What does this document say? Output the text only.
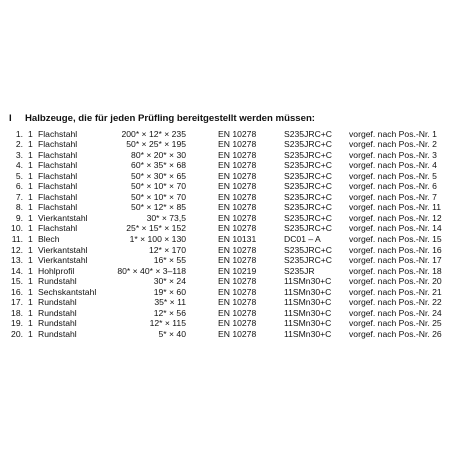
I Halbzeuge, die für jeden Prüfling bereitgestellt werden müssen:
1. 1 Flachstahl	200* × 12* × 235	EN 10278	S235JRC+C vorgef. nach Pos.-Nr. 1
2. 1 Flachstahl	50* × 25* × 195	EN 10278	S235JRC+C vorgef. nach Pos.-Nr. 2
3. 1 Flachstahl	80* × 20* × 30	EN 10278	S235JRC+C vorgef. nach Pos.-Nr. 3
4. 1 Flachstahl	60* × 35* × 68	EN 10278	S235JRC+C vorgef. nach Pos.-Nr. 4
5. 1 Flachstahl	50* × 30* × 65	EN 10278	S235JRC+C vorgef. nach Pos.-Nr. 5
6. 1 Flachstahl	50* × 10* × 70	EN 10278	S235JRC+C vorgef. nach Pos.-Nr. 6
7. 1 Flachstahl	50* × 10* × 70	EN 10278	S235JRC+C vorgef. nach Pos.-Nr. 7
8. 1 Flachstahl	50* × 12* × 85	EN 10278	S235JRC+C vorgef. nach Pos.-Nr. 11
9. 1 Vierkantstahl	30* × 73,5	EN 10278	S235JRC+C vorgef. nach Pos.-Nr. 12
10. 1 Flachstahl	25* × 15* × 152	EN 10278	S235JRC+C vorgef. nach Pos.-Nr. 14
11. 1 Blech	1* × 100 × 130	EN 10131	DC01 – A	vorgef. nach Pos.-Nr. 15
12. 1 Vierkantstahl	12* × 170	EN 10278	S235JRC+C vorgef. nach Pos.-Nr. 16
13. 1 Vierkantstahl	16* × 55	EN 10278	S235JRC+C vorgef. nach Pos.-Nr. 17
14. 1 Hohlprofil	80* × 40* × 3–118	EN 10219	S235JR	vorgef. nach Pos.-Nr. 18
15. 1 Rundstahl	30* × 24	EN 10278	11SMn30+C vorgef. nach Pos.-Nr. 20
16. 1 Sechskantstahl	19* × 60	EN 10278	11SMn30+C vorgef. nach Pos.-Nr. 21
17. 1 Rundstahl	35* × 11	EN 10278	11SMn30+C vorgef. nach Pos.-Nr. 22
18. 1 Rundstahl	12* × 56	EN 10278	11SMn30+C vorgef. nach Pos.-Nr. 24
19. 1 Rundstahl	12* × 115	EN 10278	11SMn30+C vorgef. nach Pos.-Nr. 25
20. 1 Rundstahl	5* × 40	EN 10278	11SMn30+C vorgef. nach Pos.-Nr. 26
